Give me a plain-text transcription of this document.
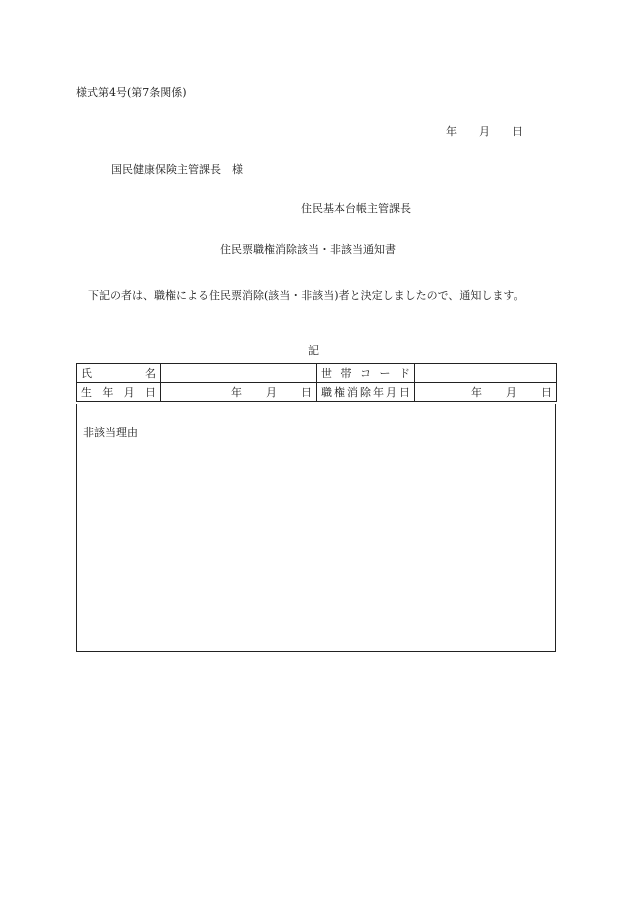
様式第4号(第7条関係)
年 月 日
国民健康保険主管課長　様
住民基本台帳主管課長
住民票職権消除該当・非該当通知書
下記の者は、職権による住民票消除(該当・非該当)者と決定しましたので、通知します。
記
氏　　　　名		世 帯 コ ー ド	
生 年 月 日	年 月 日	職権消除年月日	年 月 日
非該当理由
